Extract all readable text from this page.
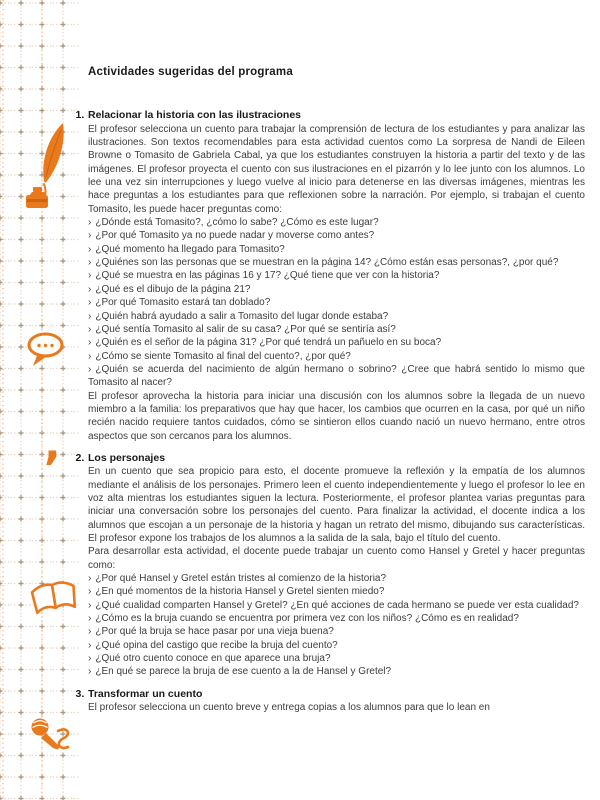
,
Actividades sugeridas del programa
1. Relacionar la historia con las ilustraciones
El profesor selecciona un cuento para trabajar la comprensión de lectura de los estudiantes y para analizar las ilustraciones. Son textos recomendables para esta actividad cuentos como La sorpresa de Nandi de Eileen Browne o Tomasito de Gabriela Cabal, ya que los estudiantes construyen la historia a partir del texto y de las imágenes. El profesor proyecta el cuento con sus ilustraciones en el pizarrón y lo lee junto con los alumnos. Lo lee una vez sin interrupciones y luego vuelve al inicio para detenerse en las diversas imágenes, mientras les hace preguntas a los estudiantes para que reflexionen sobre la narración. Por ejemplo, si trabajan el cuento Tomasito, les puede hacer preguntas como:
› ¿Dónde está Tomasito?, ¿cómo lo sabe? ¿Cómo es este lugar?
› ¿Por qué Tomasito ya no puede nadar y moverse como antes?
› ¿Qué momento ha llegado para Tomasito?
› ¿Quiénes son las personas que se muestran en la página 14? ¿Cómo están esas personas?, ¿por qué?
› ¿Qué se muestra en las páginas 16 y 17? ¿Qué tiene que ver con la historia?
› ¿Qué es el dibujo de la página 21?
› ¿Por qué Tomasito estará tan doblado?
› ¿Quién habrá ayudado a salir a Tomasito del lugar donde estaba?
› ¿Qué sentía Tomasito al salir de su casa? ¿Por qué se sentiría así?
› ¿Quién es el señor de la página 31? ¿Por qué tendrá un pañuelo en su boca?
› ¿Cómo se siente Tomasito al final del cuento?, ¿por qué?
› ¿Quién se acuerda del nacimiento de algún hermano o sobrino? ¿Cree que habrá sentido lo mismo que Tomasito al nacer?
El profesor aprovecha la historia para iniciar una discusión con los alumnos sobre la llegada de un nuevo miembro a la familia: los preparativos que hay que hacer, los cambios que ocurren en la casa, por qué un niño recién nacido requiere tantos cuidados, cómo se sintieron ellos cuando nació un nuevo hermano, entre otros aspectos que son cercanos para los alumnos.
2. Los personajes
En un cuento que sea propicio para esto, el docente promueve la reflexión y la empatía de los alumnos mediante el análisis de los personajes. Primero leen el cuento independientemente y luego el profesor lo lee en voz alta mientras los estudiantes siguen la lectura. Posteriormente, el profesor plantea varias preguntas para iniciar una conversación sobre los personajes del cuento. Para finalizar la actividad, el docente indica a los alumnos que escojan a un personaje de la historia y hagan un retrato del mismo, dibujando sus características. El profesor expone los trabajos de los alumnos a la salida de la sala, bajo el título del cuento.
Para desarrollar esta actividad, el docente puede trabajar un cuento como Hansel y Gretel y hacer preguntas como:
› ¿Por qué Hansel y Gretel están tristes al comienzo de la historia?
› ¿En qué momentos de la historia Hansel y Gretel sienten miedo?
› ¿Qué cualidad comparten Hansel y Gretel? ¿En qué acciones de cada hermano se puede ver esta cualidad?
› ¿Cómo es la bruja cuando se encuentra por primera vez con los niños? ¿Cómo es en realidad?
› ¿Por qué la bruja se hace pasar por una vieja buena?
› ¿Qué opina del castigo que recibe la bruja del cuento?
› ¿Qué otro cuento conoce en que aparece una bruja?
› ¿En qué se parece la bruja de ese cuento a la de Hansel y Gretel?
3. Transformar un cuento
El profesor selecciona un cuento breve y entrega copias a los alumnos para que lo lean en
